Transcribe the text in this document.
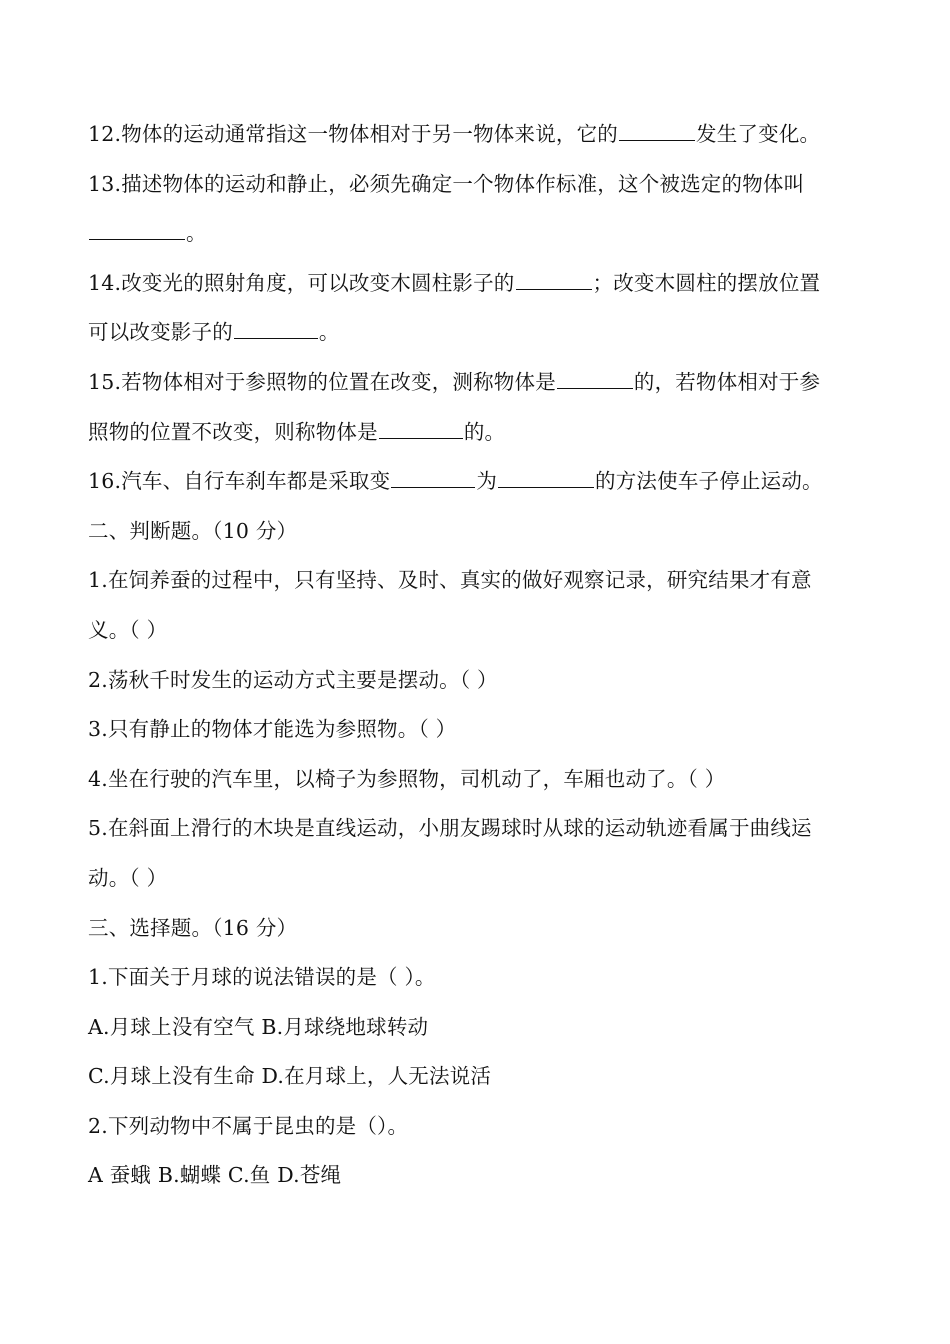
12.物体的运动通常指这一物体相对于另一物体来说，它的	发生了变化。
13.描述物体的运动和静止，必须先确定一个物体作标准，这个被选定的物体叫
。
14.改变光的照射角度，可以改变木圆柱影子的	；改变木圆柱的摆放位置
可以改变影子的	。
15.若物体相对于参照物的位置在改变，测称物体是	的，若物体相对于参
照物的位置不改变，则称物体是	的。
16.汽车、自行车刹车都是采取变	为	的方法使车子停止运动。
二、判断题。（10 分）
1.在饲养蚕的过程中，只有坚持、及时、真实的做好观察记录，研究结果才有意
义。（ ）
2.荡秋千时发生的运动方式主要是摆动。（ ）
3.只有静止的物体才能选为参照物。（ ）
4.坐在行驶的汽车里，以椅子为参照物，司机动了，车厢也动了。（ ）
5.在斜面上滑行的木块是直线运动，小朋友踢球时从球的运动轨迹看属于曲线运
动。（ ）
三、选择题。（16 分）
1.下面关于月球的说法错误的是（ ）。
A.月球上没有空气 B.月球绕地球转动
C.月球上没有生命 D.在月球上，人无法说活
2.下列动物中不属于昆虫的是（）。
A 蚕蛾 B.蝴蝶 C.鱼 D.苍绳
